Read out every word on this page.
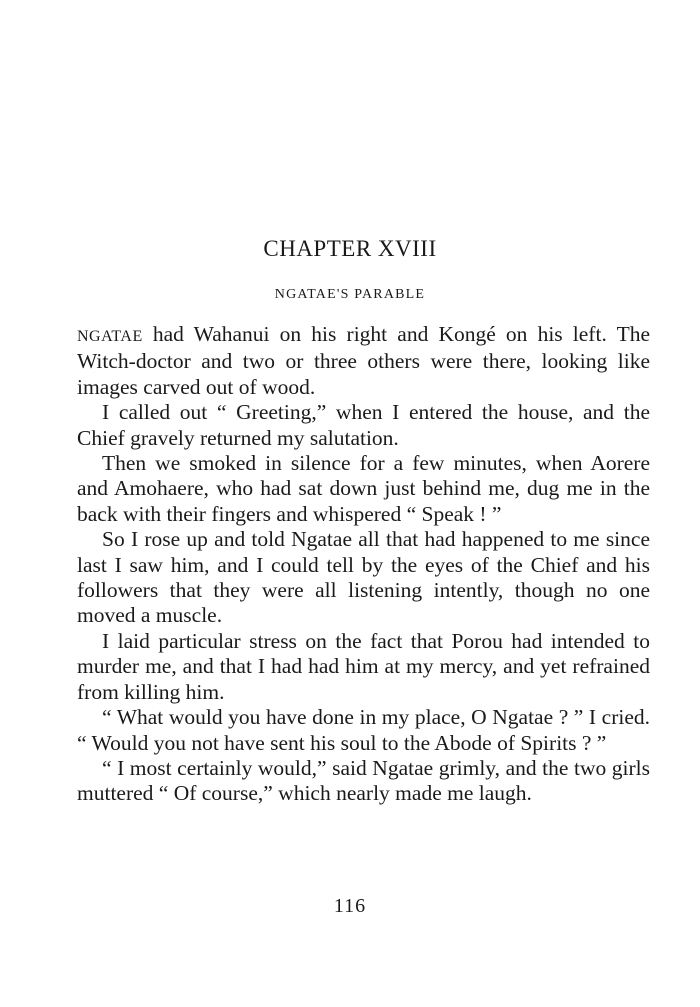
CHAPTER XVIII
NGATAE'S PARABLE

NGATAE had Wahanui on his right and Kongé on his left. The Witch-doctor and two or three others were there, looking like images carved out of wood.

I called out “ Greeting,” when I entered the house, and the Chief gravely returned my salutation.

Then we smoked in silence for a few minutes, when Aorere and Amohaere, who had sat down just behind me, dug me in the back with their fingers and whispered “ Speak ! ”

So I rose up and told Ngatae all that had happened to me since last I saw him, and I could tell by the eyes of the Chief and his followers that they were all listening intently, though no one moved a muscle.

I laid particular stress on the fact that Porou had intended to murder me, and that I had had him at my mercy, and yet refrained from killing him.

“ What would you have done in my place, O Ngatae ? ” I cried. “ Would you not have sent his soul to the Abode of Spirits ? ”

“ I most certainly would,” said Ngatae grimly, and the two girls muttered “ Of course,” which nearly made me laugh.

116
